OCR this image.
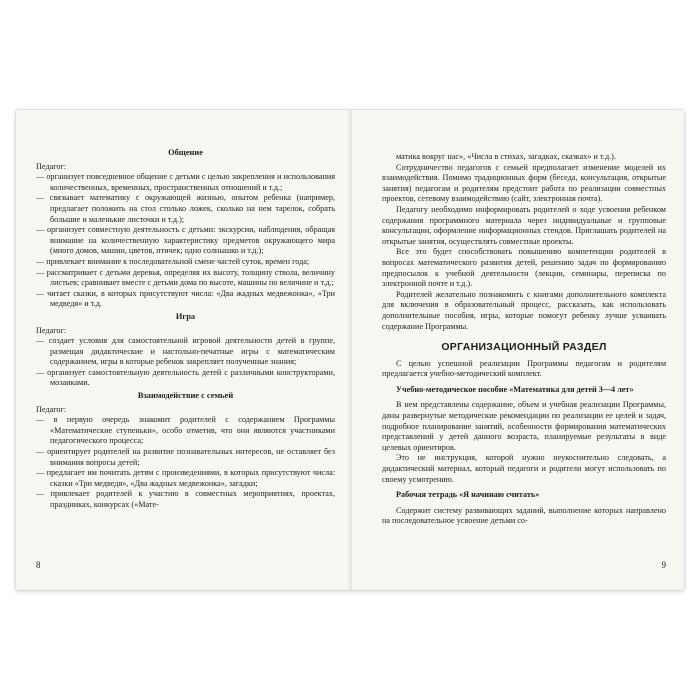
Общение

Педагог:

— организует повседневное общение с детьми с целью закрепления и использования количественных, временных, пространственных отношений и т.д.;

— связывает математику с окружающей жизнью, опытом ребенка (например, предлагает положить на стол столько ложек, сколько на нем тарелок, собрать большие и маленькие листочки и т.д.);

— организует совместную деятельность с детьми: экскурсии, наблюдения, обращая внимание на количественную характеристику предметов окружающего мира (много домов, машин, цветов, птичек; одно солнышко и т.д.);

— привлекает внимание к последовательной смене частей суток, времен года;

— рассматривает с детьми деревья, определяя их высоту, толщину ствола, величину листьев; сравнивает вместе с детьми дома по высоте, машины по величине и т.д.;

— читает сказки, в которых присутствуют числа: «Два жадных медвежонка», «Три медведя» и т.д.

Игра

Педагог:

— создает условия для самостоятельной игровой деятельности детей в группе, размещая дидактические и настольно-печатные игры с математическим содержанием, игры в которые ребенок закрепляет полученные знания;

— организует самостоятельную деятельность детей с различными конструкторами, мозаиками.

Взаимодействие с семьей

Педагог:

— в первую очередь знакомит родителей с содержанием Программы «Математические ступеньки», особо отметив, что они являются участниками педагогического процесса;

— ориентирует родителей на развитие познавательных интересов, не оставляет без внимания вопросы детей;

— предлагает им почитать детям с произведениями, в которых присутствуют числа: сказки «Три медведя», «Два жадных медвежонка», загадки;

— привлекает родителей к участию в совместных мероприятиях, проектах, праздниках, конкурсах («Мате-

8

матика вокруг нас», «Числа в стихах, загадках, сказках» и т.д.).

Сотрудничество педагогов с семьей предполагает изменение моделей их взаимодействия. Помимо традиционных форм (беседа, консультация, открытые занятия) педагогам и родителям предстоит работа по реализации совместных проектов, сетевому взаимодействию (сайт, электронная почта).

Педагогу необходимо информировать родителей о ходе усвоения ребенком содержания программного материала через индивидуальные и групповые консультации, оформление информационных стендов. Приглашать родителей на открытые занятия, осуществлять совместные проекты.

Все это будет способствовать повышению компетенции родителей в вопросах математического развития детей, решению задач по формированию предпосылок к учебной деятельности (лекции, семинары, переписка по электронной почте и т.д.).

Родителей желательно познакомить с книгами дополнительного комплекта для включения в образовательный процесс, рассказать, как использовать дополнительные пособия, игры, которые помогут ребенку лучше усваивать содержание Программы.

ОРГАНИЗАЦИОННЫЙ РАЗДЕЛ

С целью успешной реализации Программы педагогам и родителям предлагается учебно-методический комплект.

Учебно-методическое пособие «Математика для детей 3—4 лет»

В нем представлены содержание, объем и учебная реализации Программы, даны развернутые методические рекомендации по реализации ее целей и задач, подробное планирование занятий, особенности формирования математических представлений у детей данного возраста, планируемые результаты в виде целевых ориентиров.

Это не инструкция, которой нужно неукоснительно следовать, а дидактический материал, который педагоги и родители могут использовать по своему усмотрению.

Рабочая тетрадь «Я начинаю считать»

Содержит систему развивающих заданий, выполнение которых направлено на последовательное усвоение детьми со-

9
